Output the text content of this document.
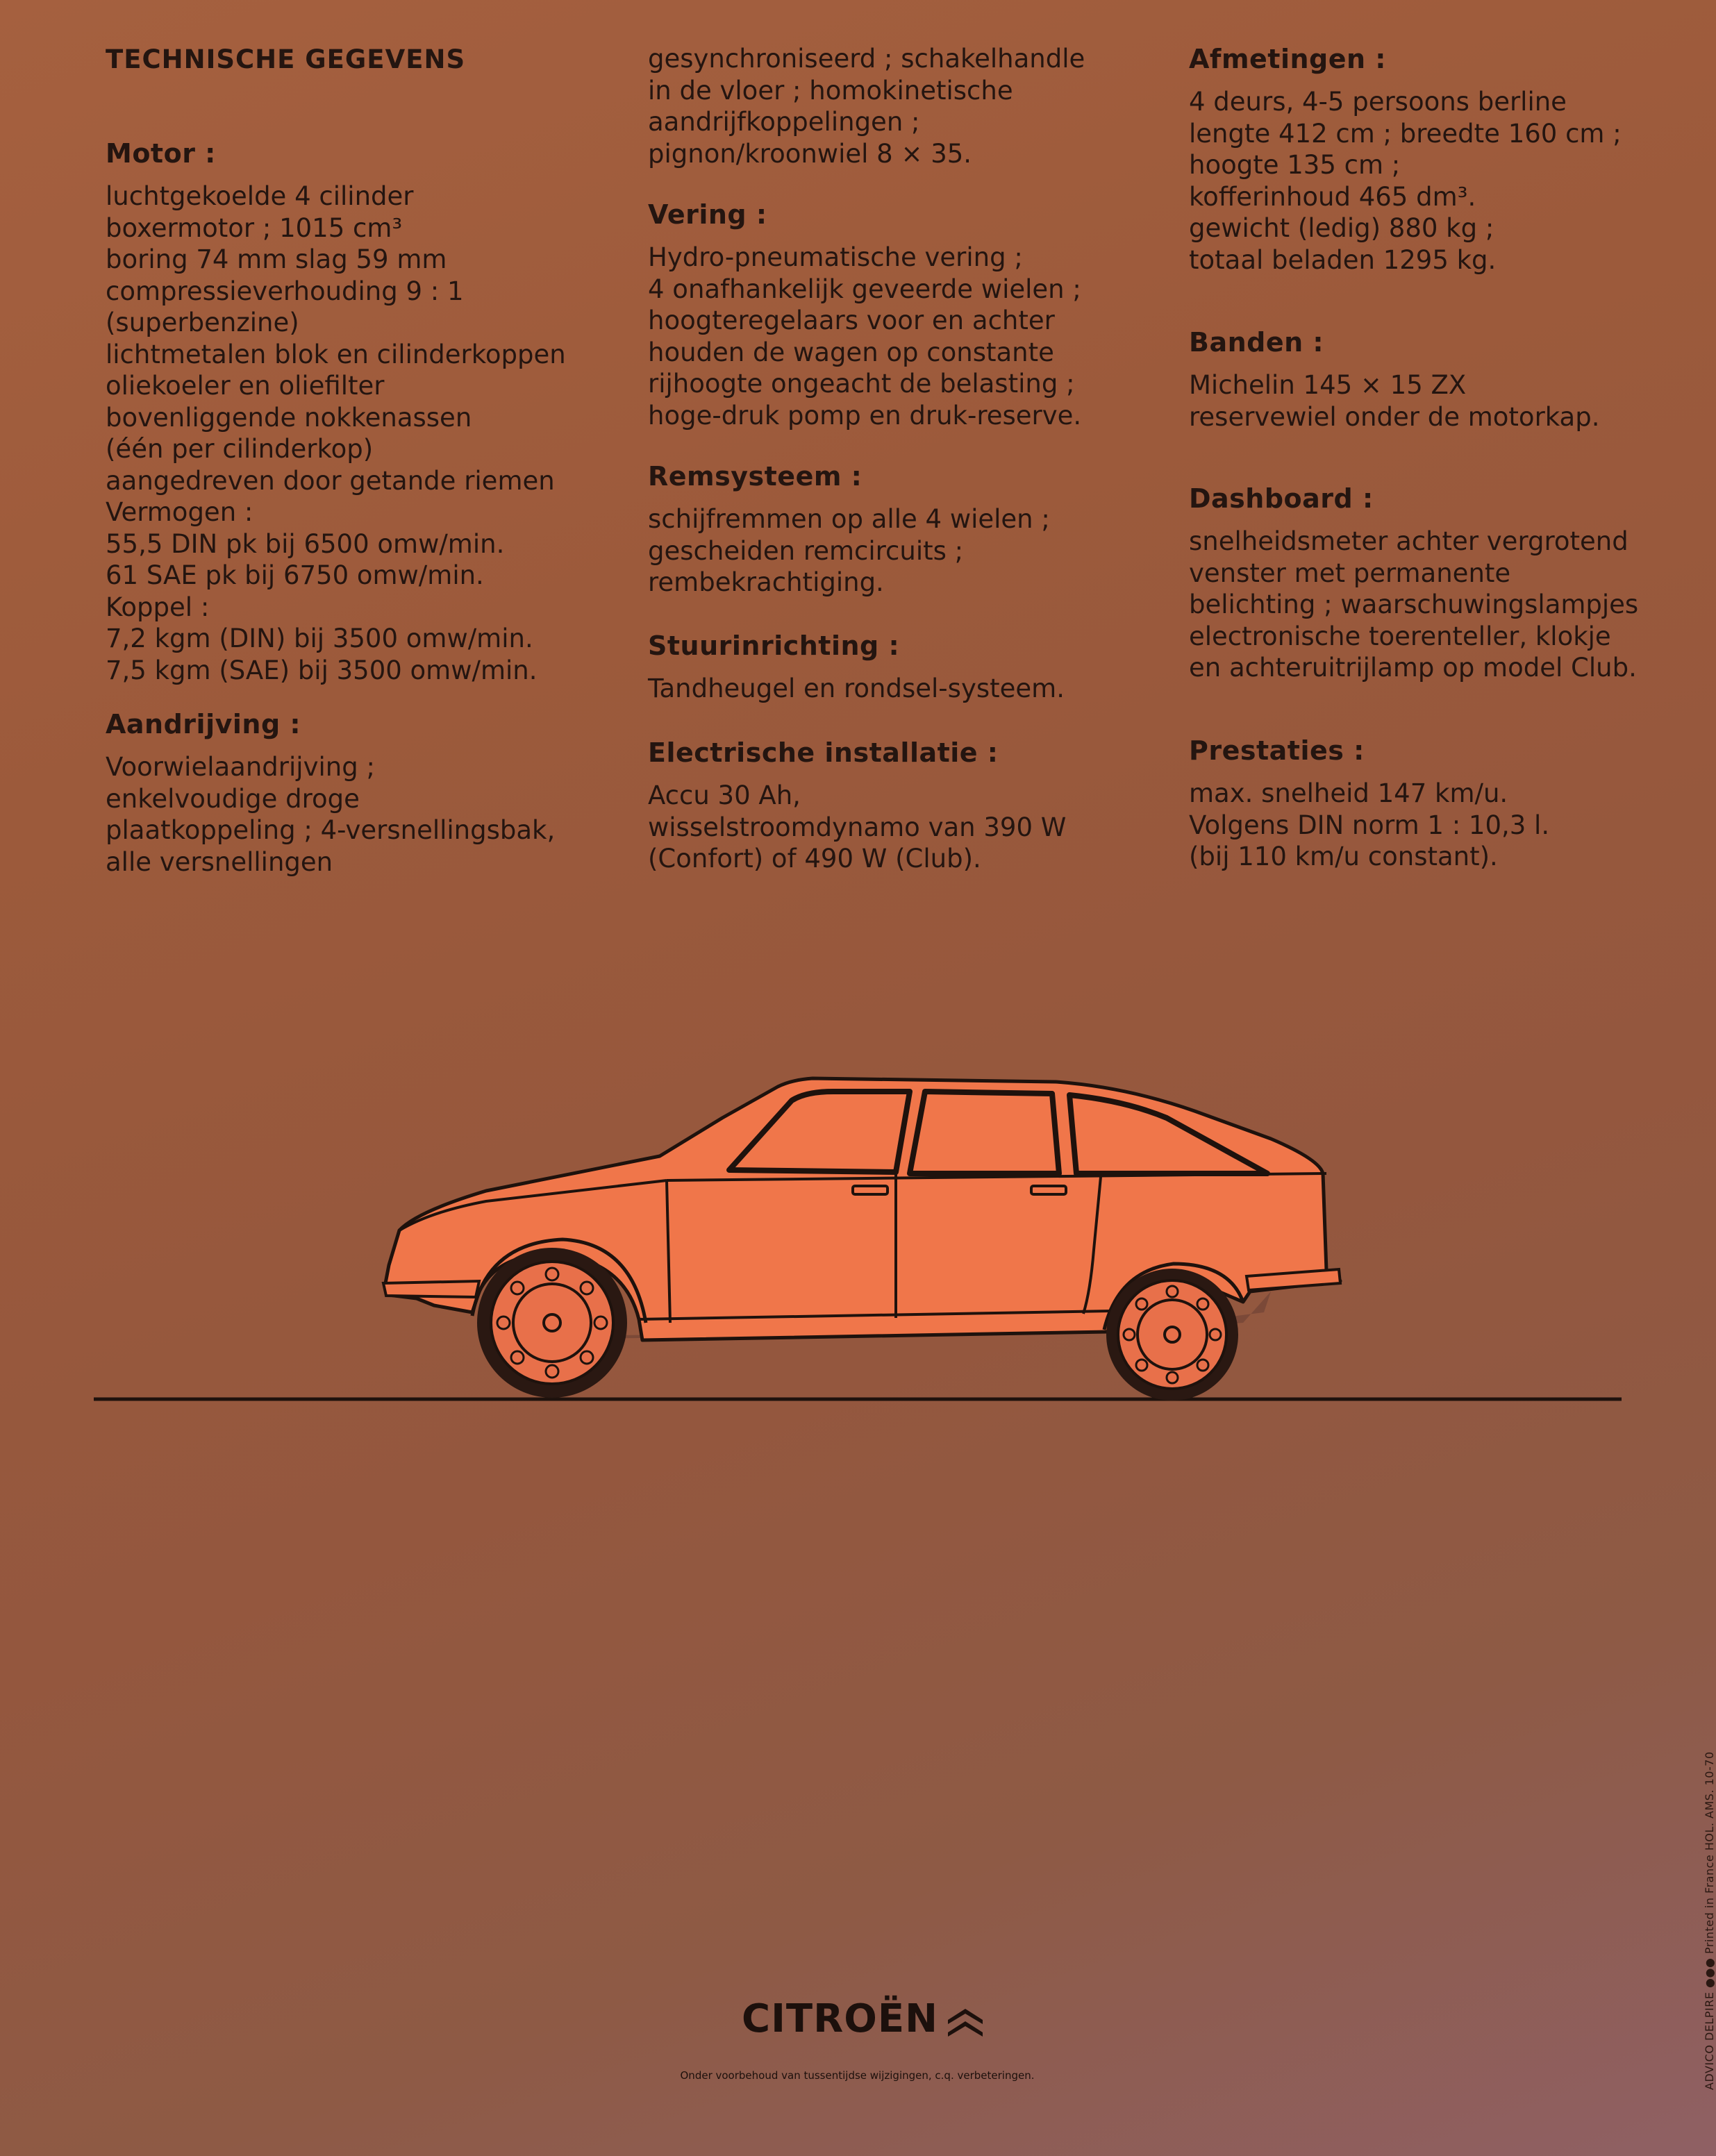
TECHNISCHE GEGEVENS
Motor :
luchtgekoelde 4 cilinder
boxermotor ; 1015 cm³
boring 74 mm slag 59 mm
compressieverhouding 9 : 1
(superbenzine)
lichtmetalen blok en cilinderkoppen
oliekoeler en oliefilter
bovenliggende nokkenassen
(één per cilinderkop)
aangedreven door getande riemen
Vermogen :
55,5 DIN pk bij 6500 omw/min.
61 SAE pk bij 6750 omw/min.
Koppel :
7,2 kgm (DIN) bij 3500 omw/min.
7,5 kgm (SAE) bij 3500 omw/min.
Aandrijving :
Voorwielaandrijving ;
enkelvoudige droge
plaatkoppeling ; 4-versnellingsbak,
alle versnellingen
gesynchroniseerd ; schakelhandle
in de vloer ; homokinetische
aandrijfkoppelingen ;
pignon/kroonwiel 8 × 35.
Vering :
Hydro-pneumatische vering ;
4 onafhankelijk geveerde wielen ;
hoogteregelaars voor en achter
houden de wagen op constante
rijhoogte ongeacht de belasting ;
hoge-druk pomp en druk-reserve.
Remsysteem :
schijfremmen op alle 4 wielen ;
gescheiden remcircuits ;
rembekrachtiging.
Stuurinrichting :
Tandheugel en rondsel-systeem.
Electrische installatie :
Accu 30 Ah,
wisselstroomdynamo van 390 W
(Confort) of 490 W (Club).
Afmetingen :
4 deurs, 4-5 persoons berline
lengte 412 cm ; breedte 160 cm ;
hoogte 135 cm ;
kofferinhoud 465 dm³.
gewicht (ledig) 880 kg ;
totaal beladen 1295 kg.
Banden :
Michelin 145 × 15 ZX
reservewiel onder de motorkap.
Dashboard :
snelheidsmeter achter vergrotend
venster met permanente
belichting ; waarschuwingslampjes
electronische toerenteller, klokje
en achteruitrijlamp op model Club.
Prestaties :
max. snelheid 147 km/u.
Volgens DIN norm 1 : 10,3 l.
(bij 110 km/u constant).
CITROËN
Onder voorbehoud van tussentijdse wijzigingen, c.q. verbeteringen.	ADVICO DELPIRE ●●● Printed in France HOL. AMS. 10-70
